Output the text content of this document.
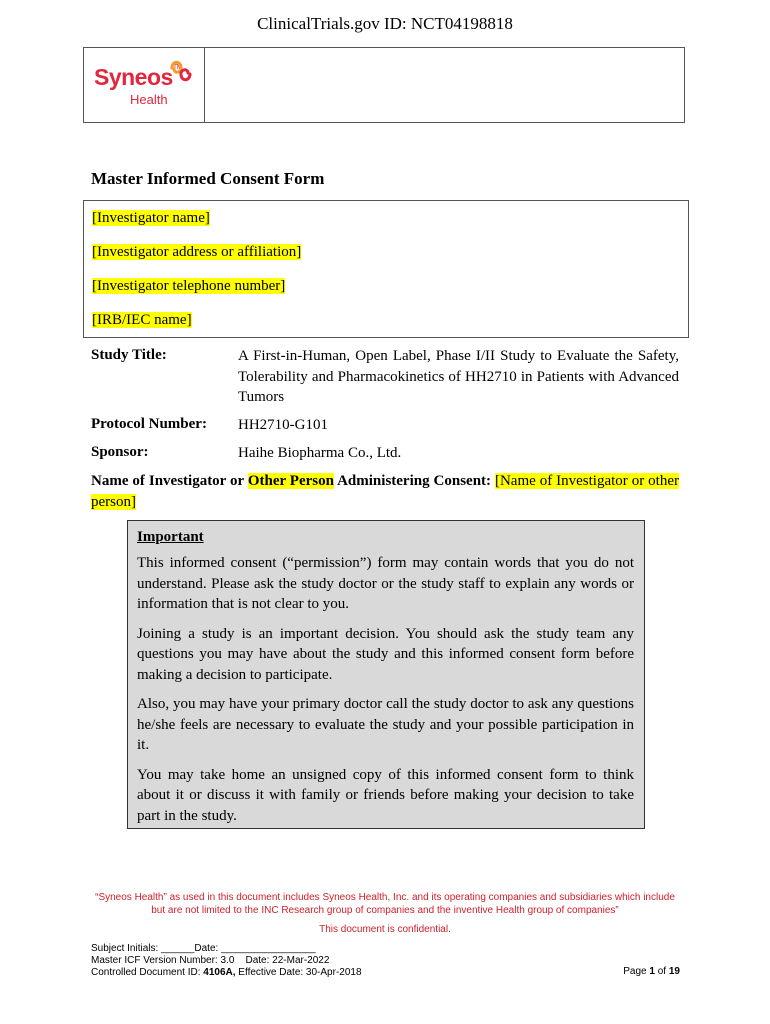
ClinicalTrials.gov ID: NCT04198818
Syneos™
Health
Master Informed Consent Form
[Investigator name]
[Investigator address or affiliation]
[Investigator telephone number]
[IRB/IEC name]
Study Title:	A First-in-Human, Open Label, Phase I/II Study to Evaluate the Safety, Tolerability and Pharmacokinetics of HH2710 in Patients with Advanced Tumors
Protocol Number: HH2710-G101
Sponsor:	Haihe Biopharma Co., Ltd.
Name of Investigator or Other Person Administering Consent: [Name of Investigator or other person]
Important

This informed consent (“permission”) form may contain words that you do not understand. Please ask the study doctor or the study staff to explain any words or information that is not clear to you.

Joining a study is an important decision. You should ask the study team any questions you may have about the study and this informed consent form before making a decision to participate.

Also, you may have your primary doctor call the study doctor to ask any questions he/she feels are necessary to evaluate the study and your possible participation in it.

You may take home an unsigned copy of this informed consent form to think about it or discuss it with family or friends before making your decision to take part in the study.

“Syneos Health” as used in this document includes Syneos Health, Inc. and its operating companies and subsidiaries which include
but are not limited to the INC Research group of companies and the inventive Health group of companies”
This document is confidential.
Subject Initials: ______Date: _________________
Master ICF Version Number: 3.0    Date: 22-Mar-2022
Controlled Document ID: 4106A, Effective Date: 30-Apr-2018	Page 1 of 19
